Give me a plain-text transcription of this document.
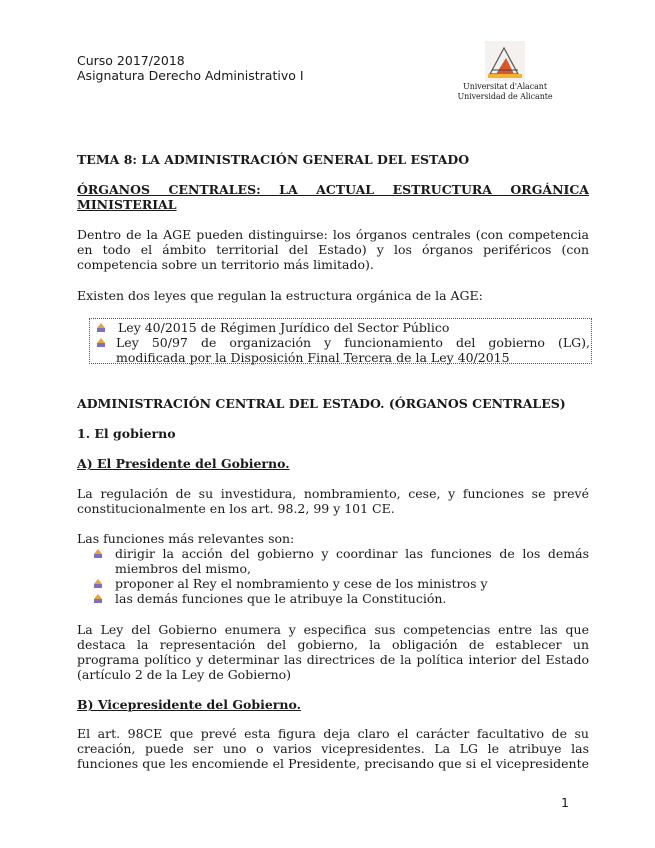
Curso 2017/2018
Asignatura Derecho Administrativo I
Universitat d'Alacant
Universidad de Alicante
TEMA 8: LA ADMINISTRACIÓN GENERAL DEL ESTADO
ÓRGANOS CENTRALES: LA ACTUAL ESTRUCTURA ORGÁNICA MINISTERIAL
Dentro de la AGE pueden distinguirse: los órganos centrales (con competencia en todo el ámbito territorial del Estado) y los órganos periféricos (con competencia sobre un territorio más limitado).
Existen dos leyes que regulan la estructura orgánica de la AGE:
Ley 40/2015 de Régimen Jurídico del Sector Público
Ley 50/97 de organización y funcionamiento del gobierno (LG), modificada por la Disposición Final Tercera de la Ley 40/2015
ADMINISTRACIÓN CENTRAL DEL ESTADO. (ÓRGANOS CENTRALES)
1. El gobierno
A) El Presidente del Gobierno.
La regulación de su investidura, nombramiento, cese, y funciones se prevé constitucionalmente en los art. 98.2, 99 y 101 CE.
Las funciones más relevantes son:
dirigir la acción del gobierno y coordinar las funciones de los demás miembros del mismo,
proponer al Rey el nombramiento y cese de los ministros y
las demás funciones que le atribuye la Constitución.
La Ley del Gobierno enumera y especifica sus competencias entre las que destaca la representación del gobierno, la obligación de establecer un programa político y determinar las directrices de la política interior del Estado (artículo 2 de la Ley de Gobierno)
B) Vicepresidente del Gobierno.
El art. 98CE que prevé esta figura deja claro el carácter facultativo de su creación, puede ser uno o varios vicepresidentes. La LG le atribuye las funciones que les encomiende el Presidente, precisando que si el vicepresidente
1
